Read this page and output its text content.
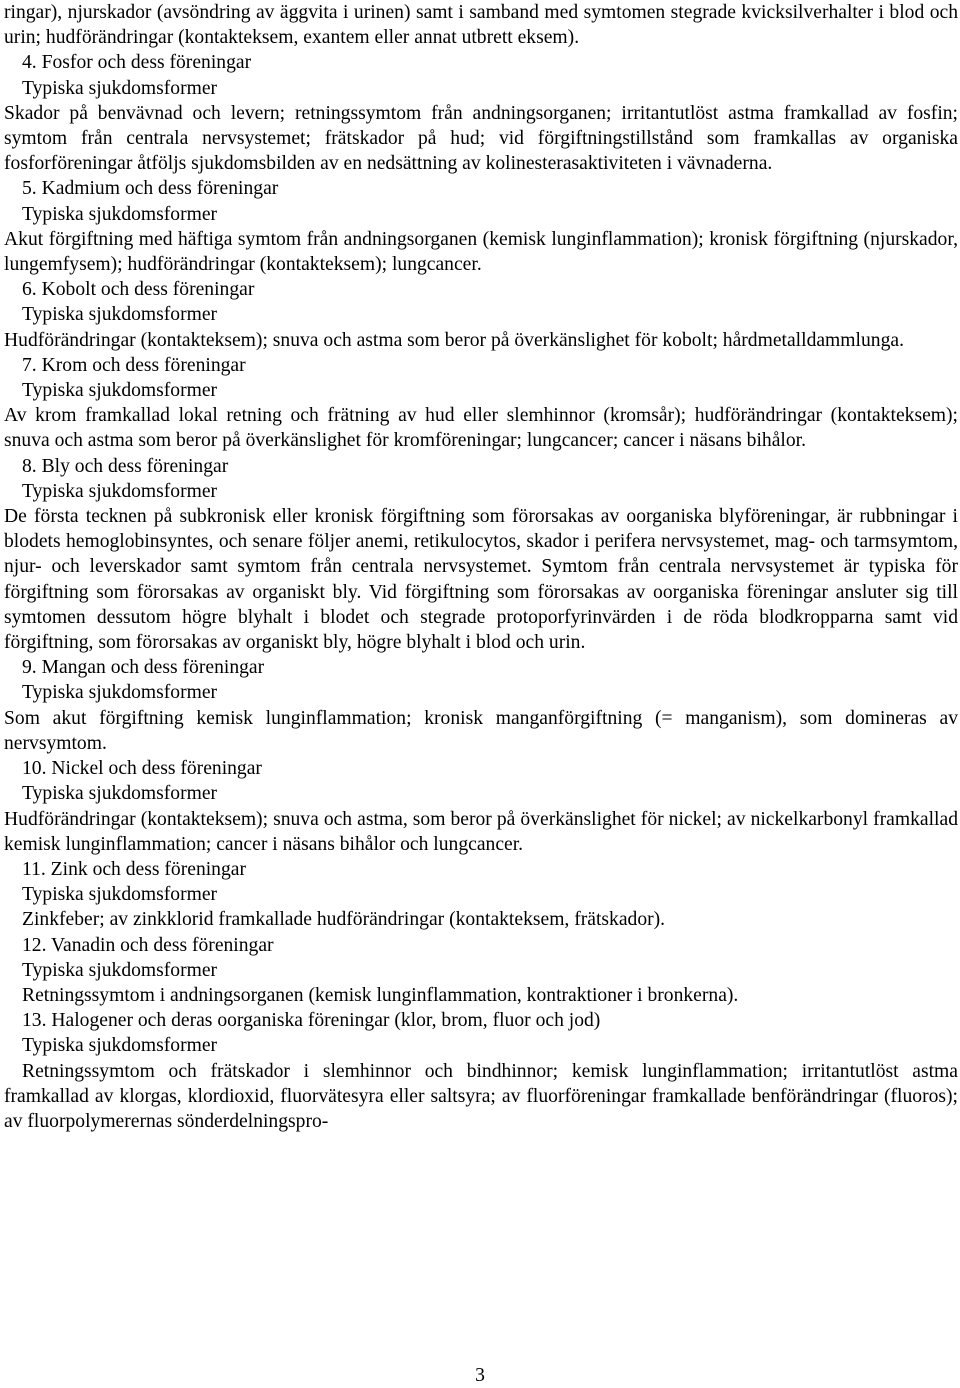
ringar), njurskador (avsöndring av äggvita i urinen) samt i samband med symtomen stegrade kvicksilverhalter i blod och urin; hudförändringar (kontakteksem, exantem eller annat utbrett eksem).

4. Fosfor och dess föreningar

Typiska sjukdomsformer

Skador på benvävnad och levern; retningssymtom från andningsorganen; irritantutlöst astma framkallad av fosfin; symtom från centrala nervsystemet; frätskador på hud; vid förgiftningstillstånd som framkallas av organiska fosforföreningar åtföljs sjukdomsbilden av en nedsättning av kolinesterasaktiviteten i vävnaderna.

5. Kadmium och dess föreningar

Typiska sjukdomsformer

Akut förgiftning med häftiga symtom från andningsorganen (kemisk lunginflammation); kronisk förgiftning (njurskador, lungemfysem); hudförändringar (kontakteksem); lungcancer.

6. Kobolt och dess föreningar

Typiska sjukdomsformer

Hudförändringar (kontakteksem); snuva och astma som beror på överkänslighet för kobolt; hårdmetalldammlunga.

7. Krom och dess föreningar

Typiska sjukdomsformer

Av krom framkallad lokal retning och frätning av hud eller slemhinnor (kromsår); hudförändringar (kontakteksem); snuva och astma som beror på överkänslighet för kromföreningar; lungcancer; cancer i näsans bihålor.

8. Bly och dess föreningar

Typiska sjukdomsformer

De första tecknen på subkronisk eller kronisk förgiftning som förorsakas av oorganiska blyföreningar, är rubbningar i blodets hemoglobinsyntes, och senare följer anemi, retikulocytos, skador i perifera nervsystemet, mag- och tarmsymtom, njur- och leverskador samt symtom från centrala nervsystemet. Symtom från centrala nervsystemet är typiska för förgiftning som förorsakas av organiskt bly. Vid förgiftning som förorsakas av oorganiska föreningar ansluter sig till symtomen dessutom högre blyhalt i blodet och stegrade protoporfyrinvärden i de röda blodkropparna samt vid förgiftning, som förorsakas av organiskt bly, högre blyhalt i blod och urin.

9. Mangan och dess föreningar

Typiska sjukdomsformer

Som akut förgiftning kemisk lunginflammation; kronisk manganförgiftning (= manganism), som domineras av nervsymtom.

10. Nickel och dess föreningar

Typiska sjukdomsformer

Hudförändringar (kontakteksem); snuva och astma, som beror på överkänslighet för nickel; av nickelkarbonyl framkallad kemisk lunginflammation; cancer i näsans bihålor och lungcancer.

11. Zink och dess föreningar

Typiska sjukdomsformer

Zinkfeber; av zinkklorid framkallade hudförändringar (kontakteksem, frätskador).

12. Vanadin och dess föreningar

Typiska sjukdomsformer

Retningssymtom i andningsorganen (kemisk lunginflammation, kontraktioner i bronkerna).

13. Halogener och deras oorganiska föreningar (klor, brom, fluor och jod)

Typiska sjukdomsformer

Retningssymtom och frätskador i slemhinnor och bindhinnor; kemisk lunginflammation; irritantutlöst astma framkallad av klorgas, klordioxid, fluorvätesyra eller saltsyra; av fluorföreningar framkallade benförändringar (fluoros); av fluorpolymerernas sönderdelningspro-

3
